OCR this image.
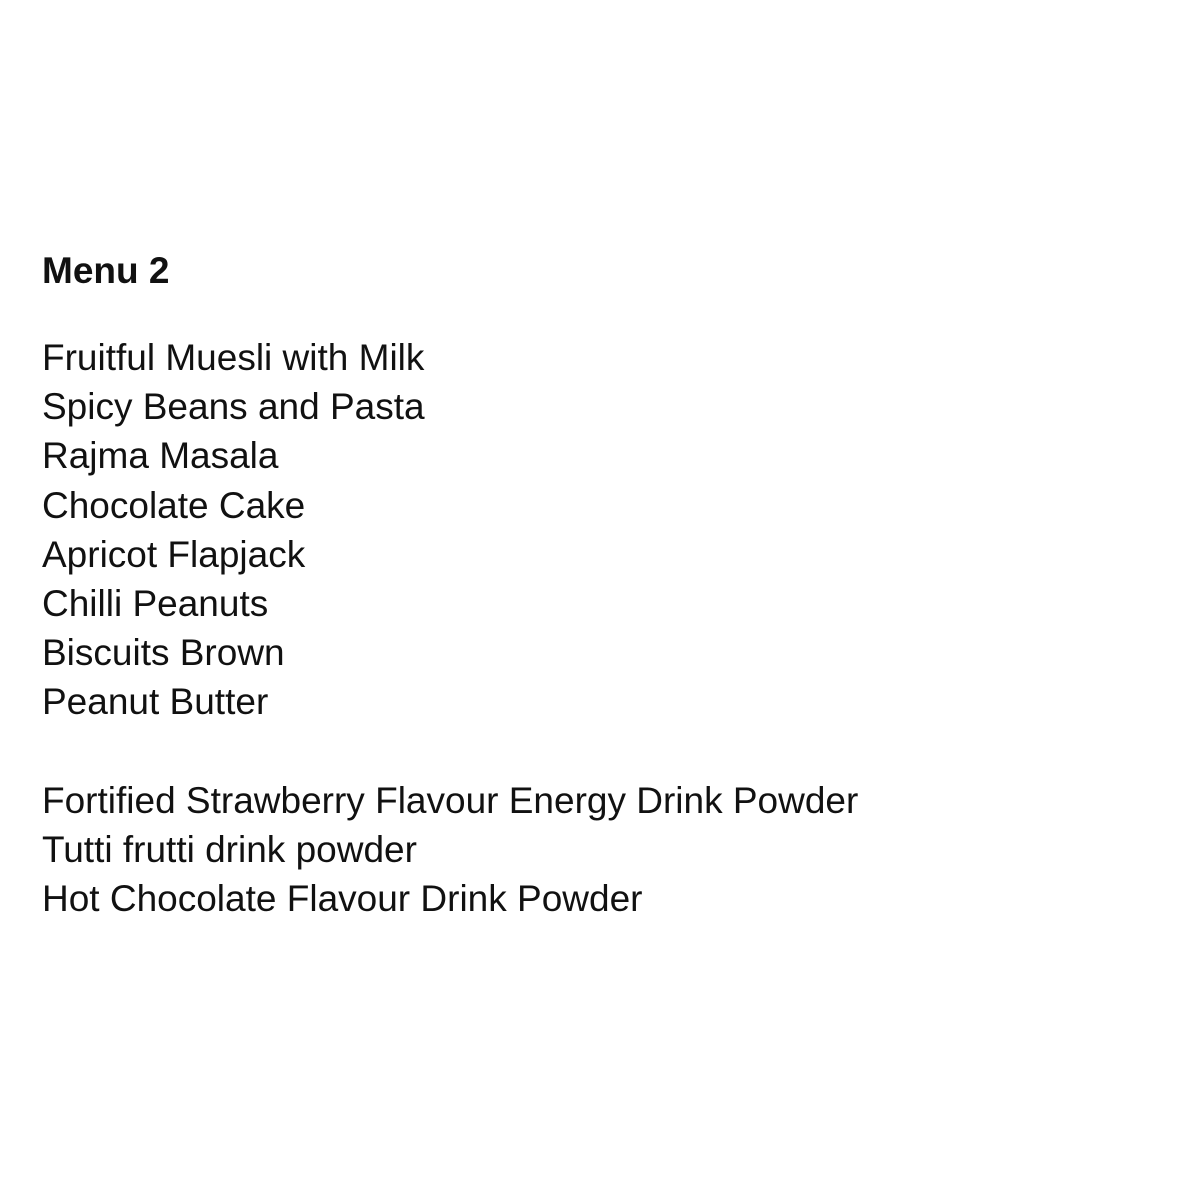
Menu 2
Fruitful Muesli with Milk
Spicy Beans and Pasta
Rajma Masala
Chocolate Cake
Apricot Flapjack
Chilli Peanuts
Biscuits Brown
Peanut Butter
Fortified Strawberry Flavour Energy Drink Powder
Tutti frutti drink powder
Hot Chocolate Flavour Drink Powder
